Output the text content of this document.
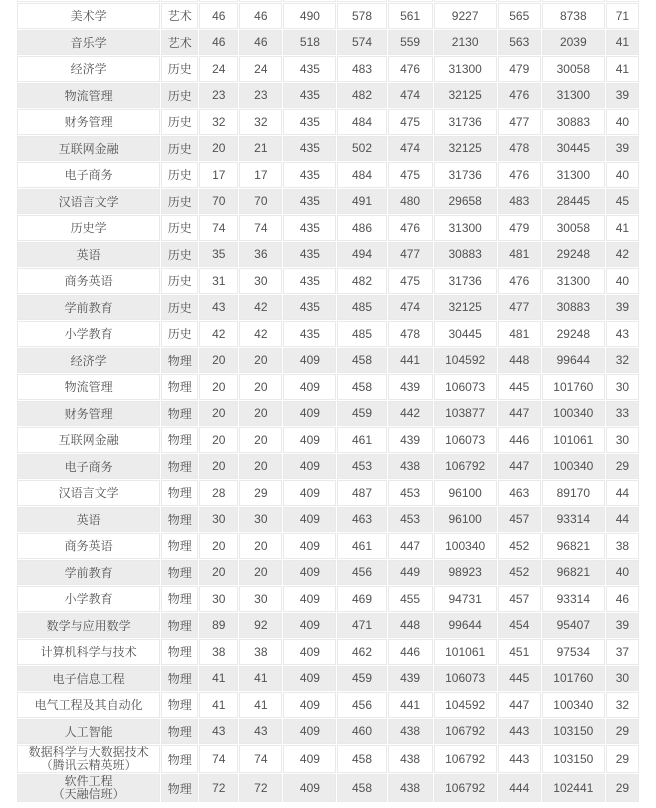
美术学	艺术	46	46	490	578	561	9227	565	8738	71
音乐学	艺术	46	46	518	574	559	2130	563	2039	41
经济学	历史	24	24	435	483	476	31300	479	30058	41
物流管理	历史	23	23	435	482	474	32125	476	31300	39
财务管理	历史	32	32	435	484	475	31736	477	30883	40
互联网金融	历史	20	21	435	502	474	32125	478	30445	39
电子商务	历史	17	17	435	484	475	31736	476	31300	40
汉语言文学	历史	70	70	435	491	480	29658	483	28445	45
历史学	历史	74	74	435	486	476	31300	479	30058	41
英语	历史	35	36	435	494	477	30883	481	29248	42
商务英语	历史	31	30	435	482	475	31736	476	31300	40
学前教育	历史	43	42	435	485	474	32125	477	30883	39
小学教育	历史	42	42	435	485	478	30445	481	29248	43
经济学	物理	20	20	409	458	441	104592	448	99644	32
物流管理	物理	20	20	409	458	439	106073	445	101760	30
财务管理	物理	20	20	409	459	442	103877	447	100340	33
互联网金融	物理	20	20	409	461	439	106073	446	101061	30
电子商务	物理	20	20	409	453	438	106792	447	100340	29
汉语言文学	物理	28	29	409	487	453	96100	463	89170	44
英语	物理	30	30	409	463	453	96100	457	93314	44
商务英语	物理	20	20	409	461	447	100340	452	96821	38
学前教育	物理	20	20	409	456	449	98923	452	96821	40
小学教育	物理	30	30	409	469	455	94731	457	93314	46
数学与应用数学	物理	89	92	409	471	448	99644	454	95407	39
计算机科学与技术	物理	38	38	409	462	446	101061	451	97534	37
电子信息工程	物理	41	41	409	459	439	106073	445	101760	30
电气工程及其自动化	物理	41	41	409	456	441	104592	447	100340	32
人工智能	物理	43	43	409	460	438	106792	443	103150	29
数据科学与大数据技术
（腾讯云精英班）	物理	74	74	409	458	438	106792	443	103150	29
软件工程
（天融信班）	物理	72	72	409	458	438	106792	444	102441	29
